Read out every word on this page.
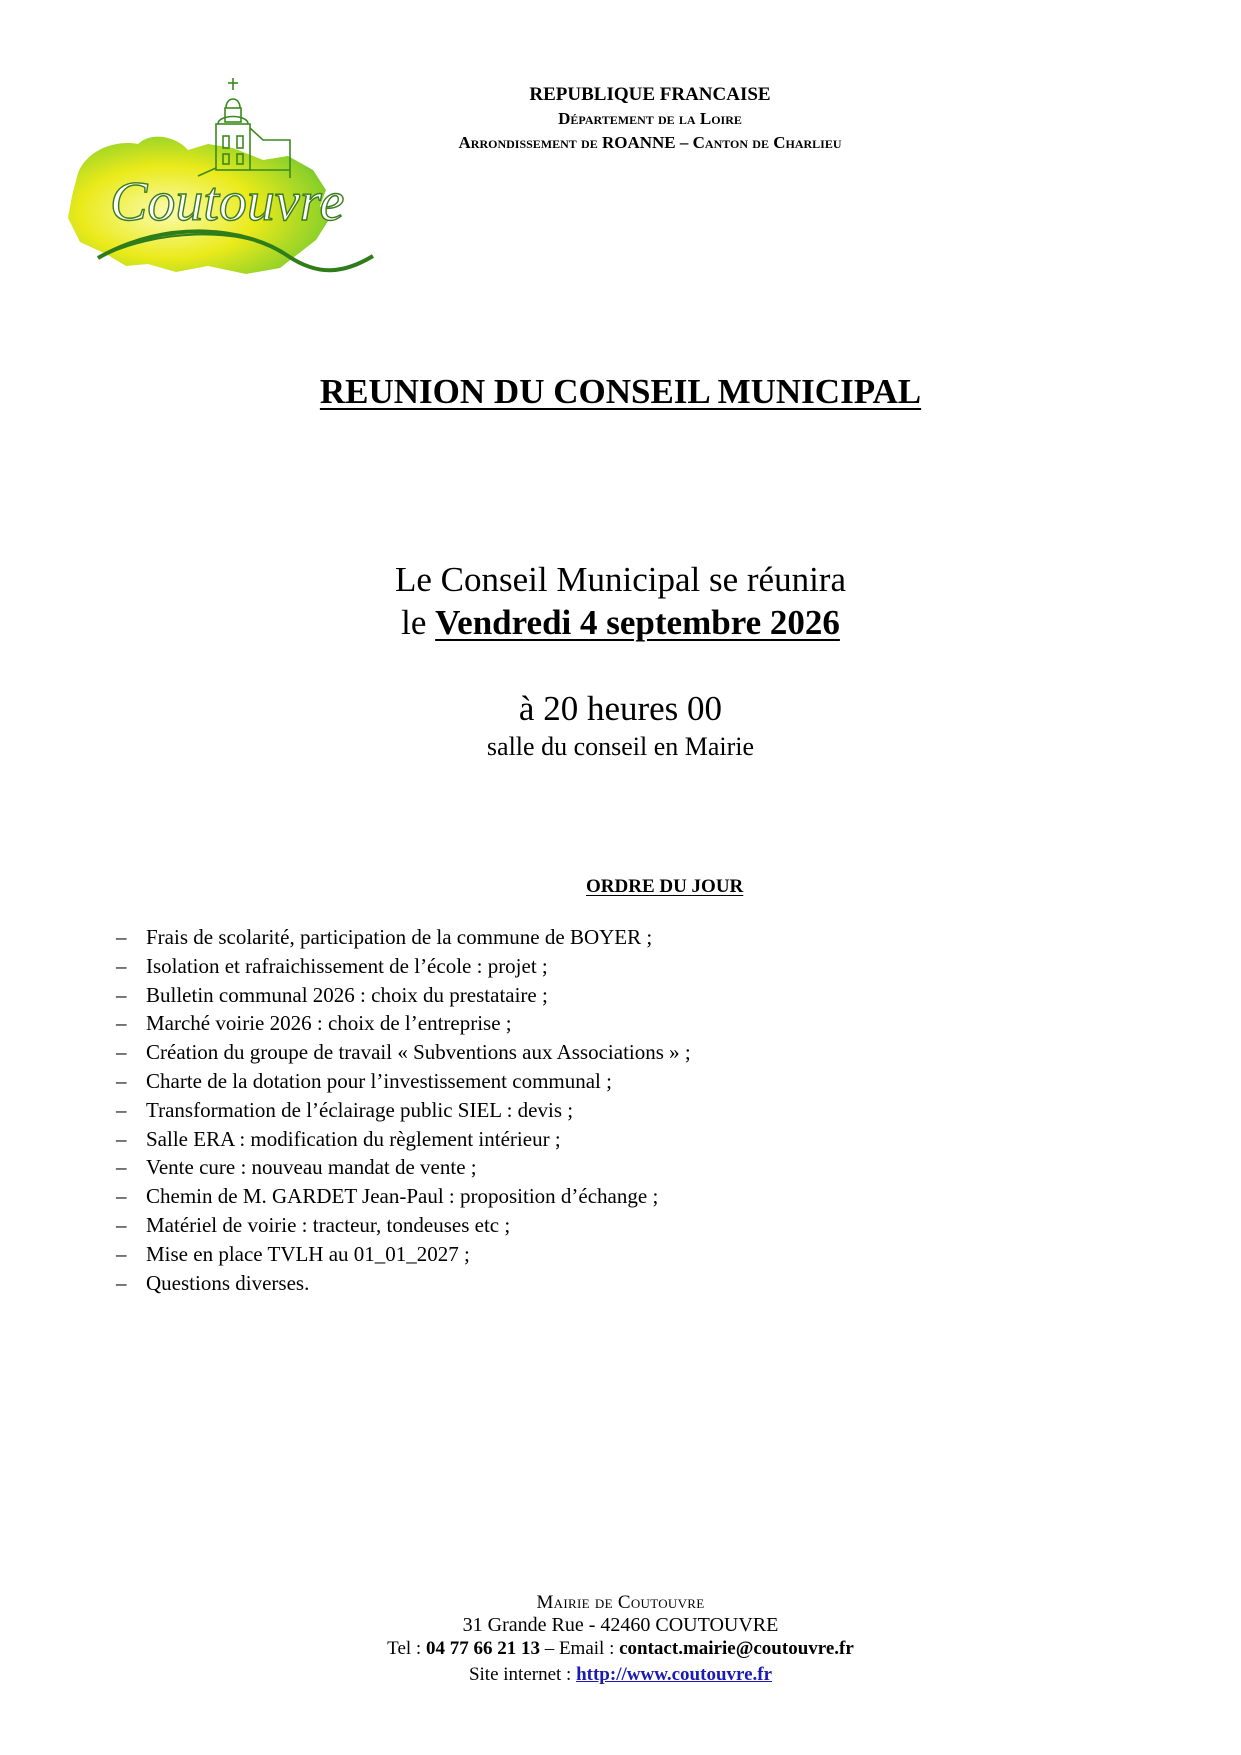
Coutouvre
REPUBLIQUE FRANCAISE
Département de la Loire
Arrondissement de ROANNE – Canton de Charlieu
REUNION DU CONSEIL MUNICIPAL
Le Conseil Municipal se réunira
le Vendredi 4 septembre 2026
à 20 heures 00
salle du conseil en Mairie
ORDRE DU JOUR
– Frais de scolarité, participation de la commune de BOYER ;
– Isolation et rafraichissement de l’école : projet ;
– Bulletin communal 2026 : choix du prestataire ;
– Marché voirie 2026 : choix de l’entreprise ;
– Création du groupe de travail « Subventions aux Associations » ;
– Charte de la dotation pour l’investissement communal ;
– Transformation de l’éclairage public SIEL : devis ;
– Salle ERA : modification du règlement intérieur ;
– Vente cure : nouveau mandat de vente ;
– Chemin de M. GARDET Jean-Paul : proposition d’échange ;
– Matériel de voirie : tracteur, tondeuses etc ;
– Mise en place TVLH au 01_01_2027 ;
– Questions diverses.
Mairie de Coutouvre
31 Grande Rue - 42460 COUTOUVRE
Tel : 04 77 66 21 13 – Email : contact.mairie@coutouvre.fr
Site internet : http://www.coutouvre.fr
